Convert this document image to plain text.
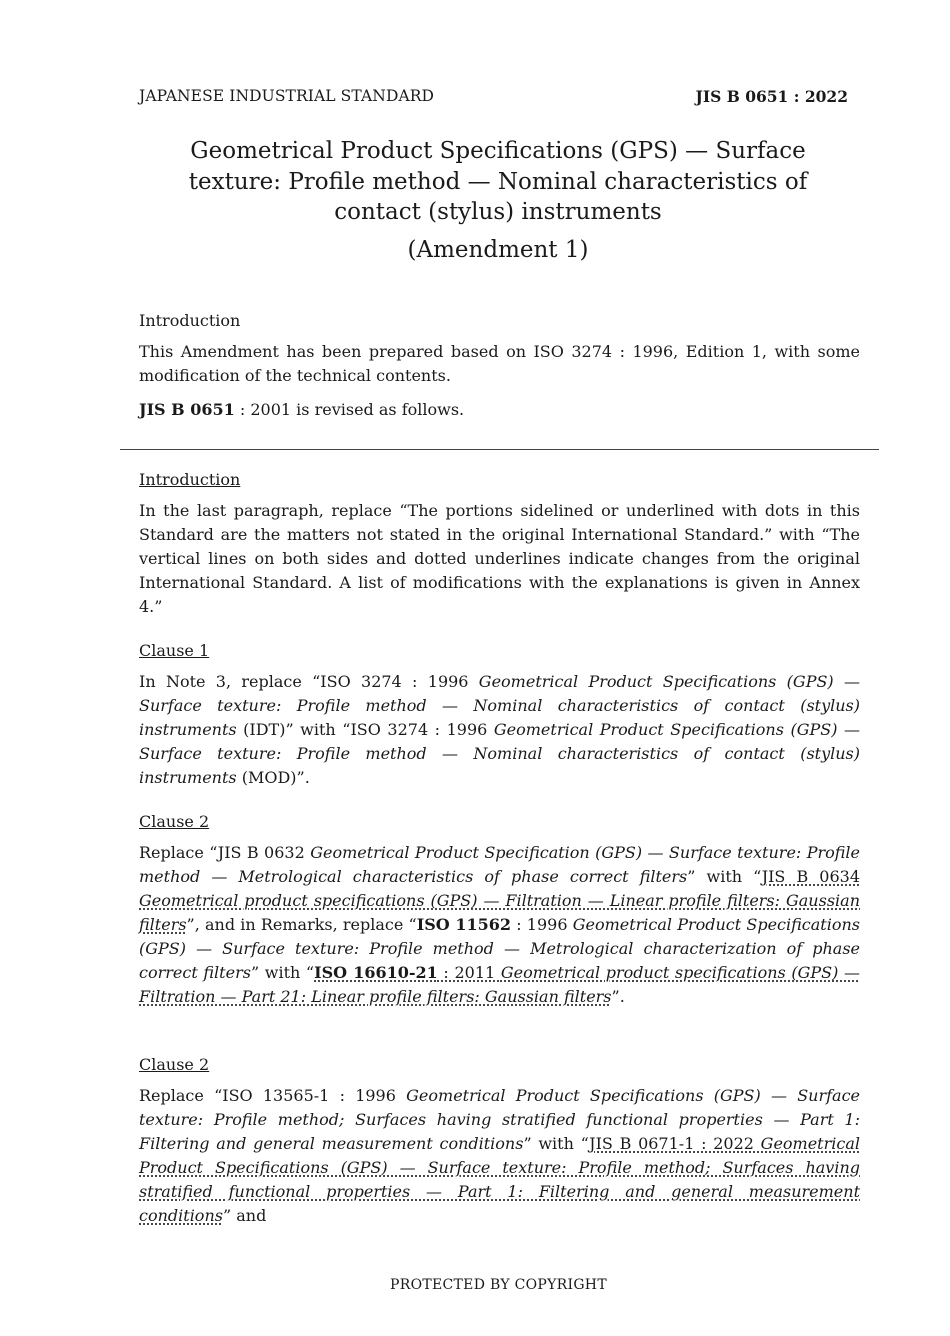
JAPANESE INDUSTRIAL STANDARD	JIS B 0651 : 2022
Geometrical Product Specifications (GPS) — Surface
texture: Profile method — Nominal characteristics of
contact (stylus) instruments
(Amendment 1)
Introduction

This Amendment has been prepared based on ISO 3274 : 1996, Edition 1, with some modification of the technical contents.

JIS B 0651 : 2001 is revised as follows.

Introduction

In the last paragraph, replace “The portions sidelined or underlined with dots in this Standard are the matters not stated in the original International Standard.” with “The vertical lines on both sides and dotted underlines indicate changes from the original International Standard. A list of modifications with the explanations is given in Annex 4.”

Clause 1

In Note 3, replace “ISO 3274 : 1996 Geometrical Product Specifications (GPS) — Surface texture: Profile method — Nominal characteristics of contact (stylus) instruments (IDT)” with “ISO 3274 : 1996 Geometrical Product Specifications (GPS) — Surface texture: Profile method — Nominal characteristics of contact (stylus) instruments (MOD)”.

Clause 2

Replace “JIS B 0632 Geometrical Product Specification (GPS) — Surface texture: Profile method — Metrological characteristics of phase correct filters” with “JIS B 0634 Geometrical product specifications (GPS) — Filtration — Linear profile filters: Gaussian filters”, and in Remarks, replace “ISO 11562 : 1996 Geometrical Product Specifications (GPS) — Surface texture: Profile method — Metrological characterization of phase correct filters” with “ISO 16610-21 : 2011 Geometrical product specifications (GPS) — Filtration — Part 21: Linear profile filters: Gaussian filters”.

Clause 2

Replace “ISO 13565-1 : 1996 Geometrical Product Specifications (GPS) — Surface texture: Profile method; Surfaces having stratified functional properties — Part 1: Filtering and general measurement conditions” with “JIS B 0671-1 : 2022 Geometrical Product Specifications (GPS) — Surface texture: Profile method; Surfaces having stratified functional properties — Part 1: Filtering and general measurement conditions” and

PROTECTED BY COPYRIGHT
